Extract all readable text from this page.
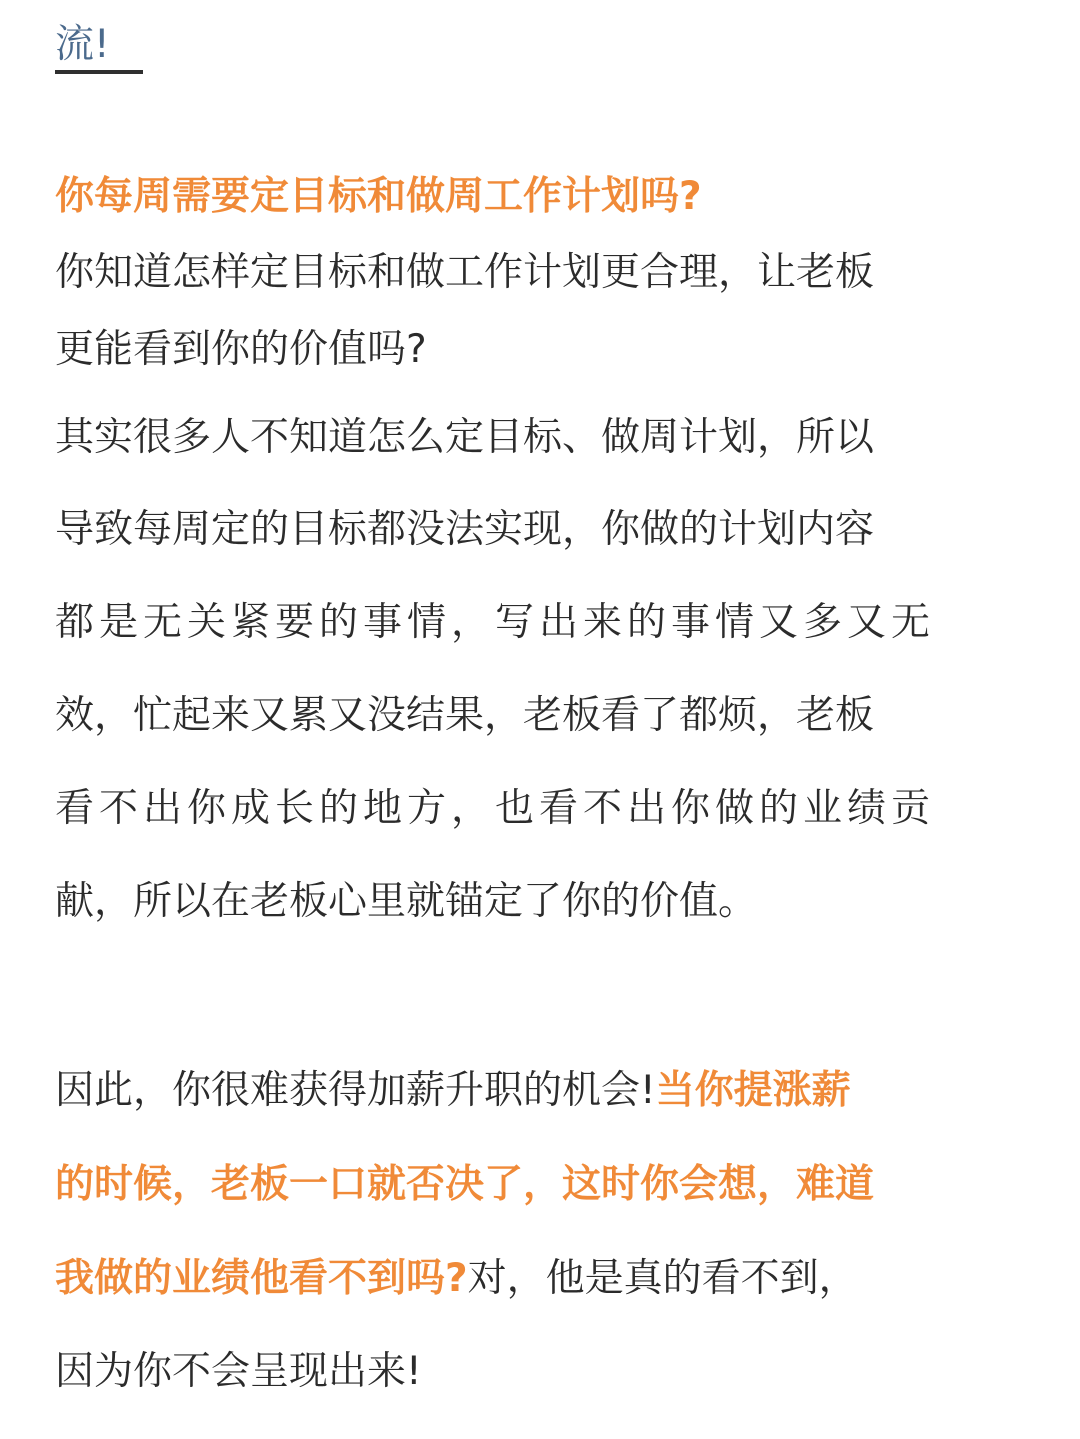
流!
你每周需要定目标和做周工作计划吗?
你知道怎样定目标和做工作计划更合理，让老板
更能看到你的价值吗?
其实很多人不知道怎么定目标、做周计划，所以
导致每周定的目标都没法实现，你做的计划内容
都是无关紧要的事情，写出来的事情又多又无
效，忙起来又累又没结果，老板看了都烦，老板
看不出你成长的地方，也看不出你做的业绩贡
献，所以在老板心里就锚定了你的价值。
因此，你很难获得加薪升职的机会!当你提涨薪
的时候，老板一口就否决了，这时你会想，难道
我做的业绩他看不到吗?对，他是真的看不到，
因为你不会呈现出来!
